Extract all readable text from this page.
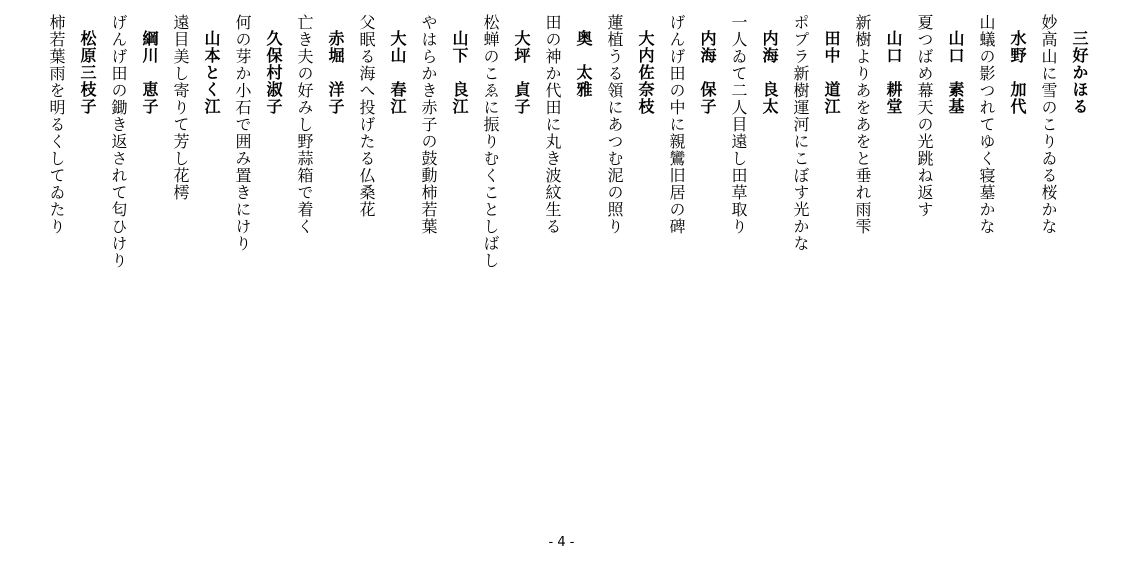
三好かほる
妙高山に雪のこりゐる桜かな
水野　加代
山蟻の影つれてゆく寝墓かな
山口　素基
夏つばめ幕天の光跳ね返す
山口　耕堂
新樹よりあをあをと垂れ雨雫
田中　道江
ポプラ新樹運河にこぼす光かな
内海　良太
一人ゐて二人目遠し田草取り
内海　保子
げんげ田の中に親鸞旧居の碑
大内佐奈枝
蓮植うる領にあつむ泥の照り
奥　太雅
田の神か代田に丸き波紋生る
大坪　貞子
松蝉のこゑに振りむくことしばし
山下　良江
やはらかき赤子の鼓動柿若葉
大山　春江
父眠る海へ投げたる仏桑花
赤堀　洋子
亡き夫の好みし野蒜箱で着く
久保村淑子
何の芽か小石で囲み置きにけり
山本とく江
遠目美し寄りて芳し花樗
綱川　恵子
げんげ田の鋤き返されて匂ひけり
松原三枝子
柿若葉雨を明るくしてゐたり
- 4 -
